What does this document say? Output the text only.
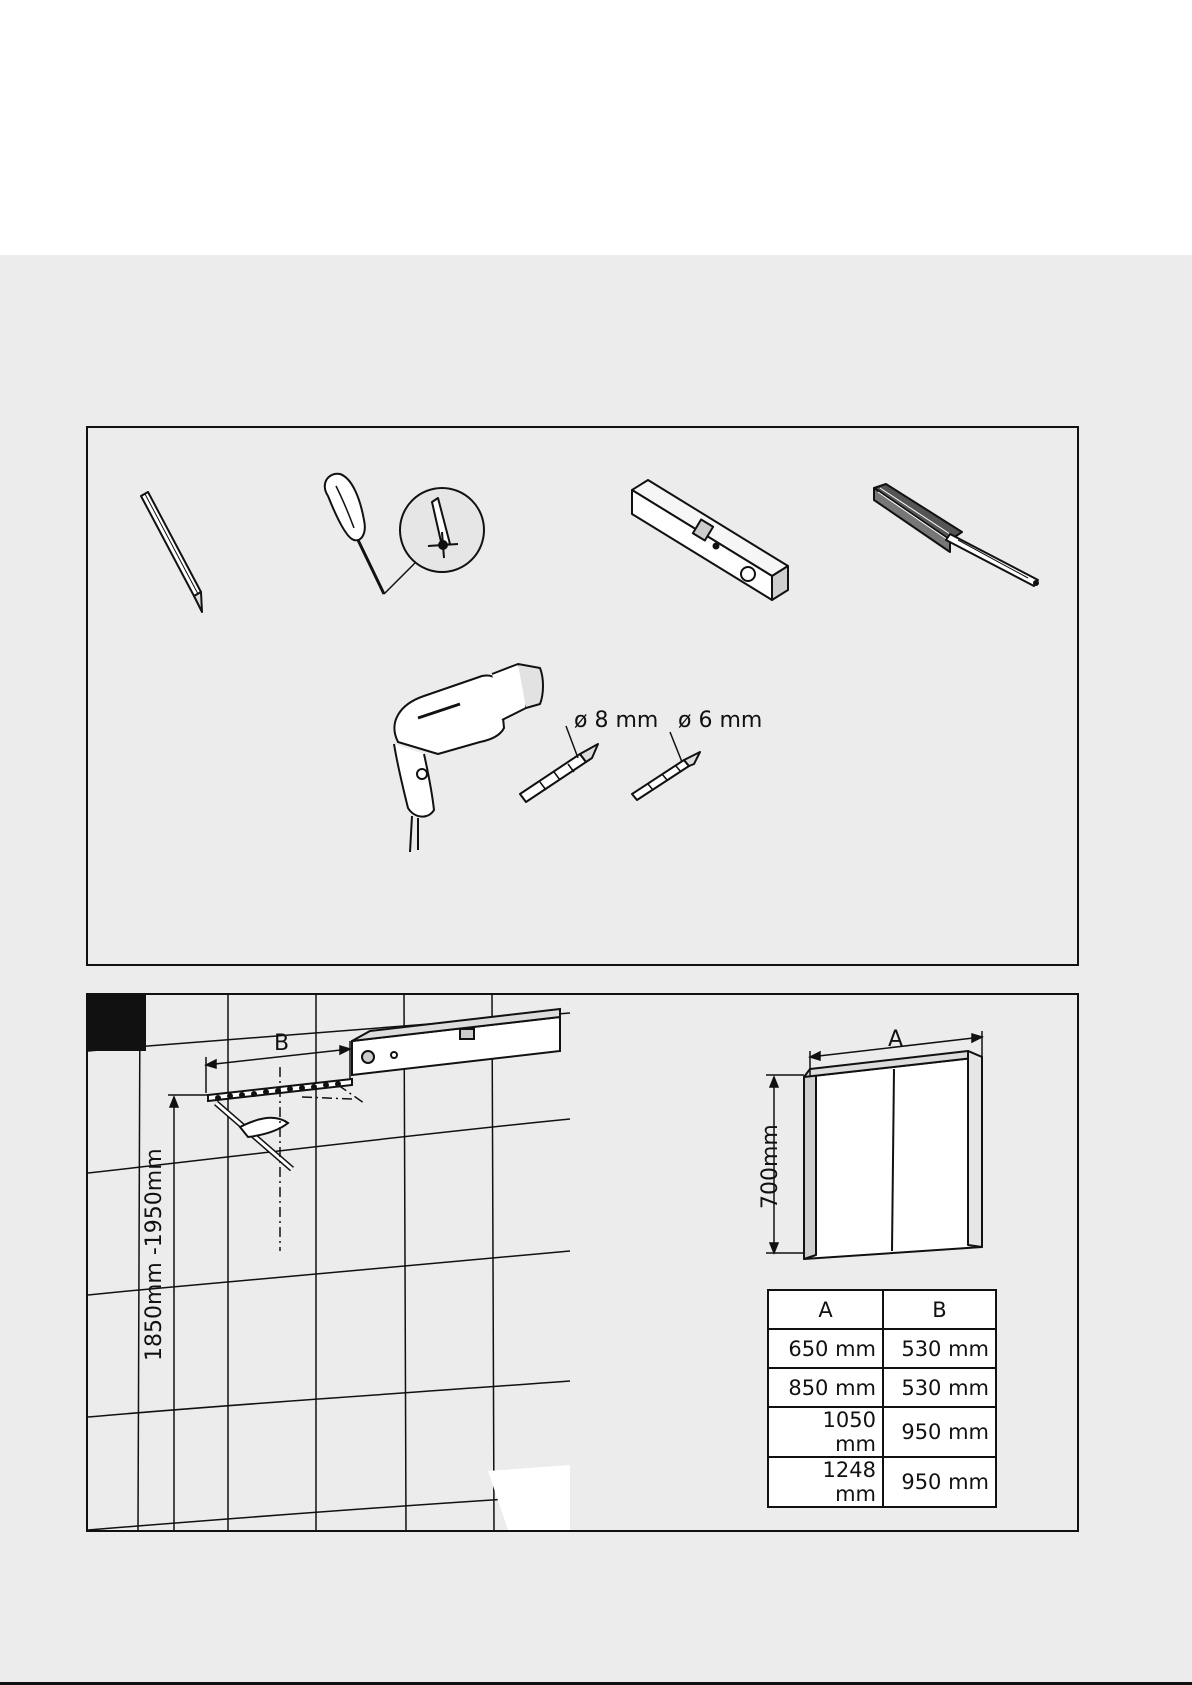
ø 8 mm ø 6 mm
B
1850mm -1950mm
A
700mm
A	B
650 mm	530 mm
850 mm	530 mm
1050 mm	950 mm
1248 mm	950 mm
